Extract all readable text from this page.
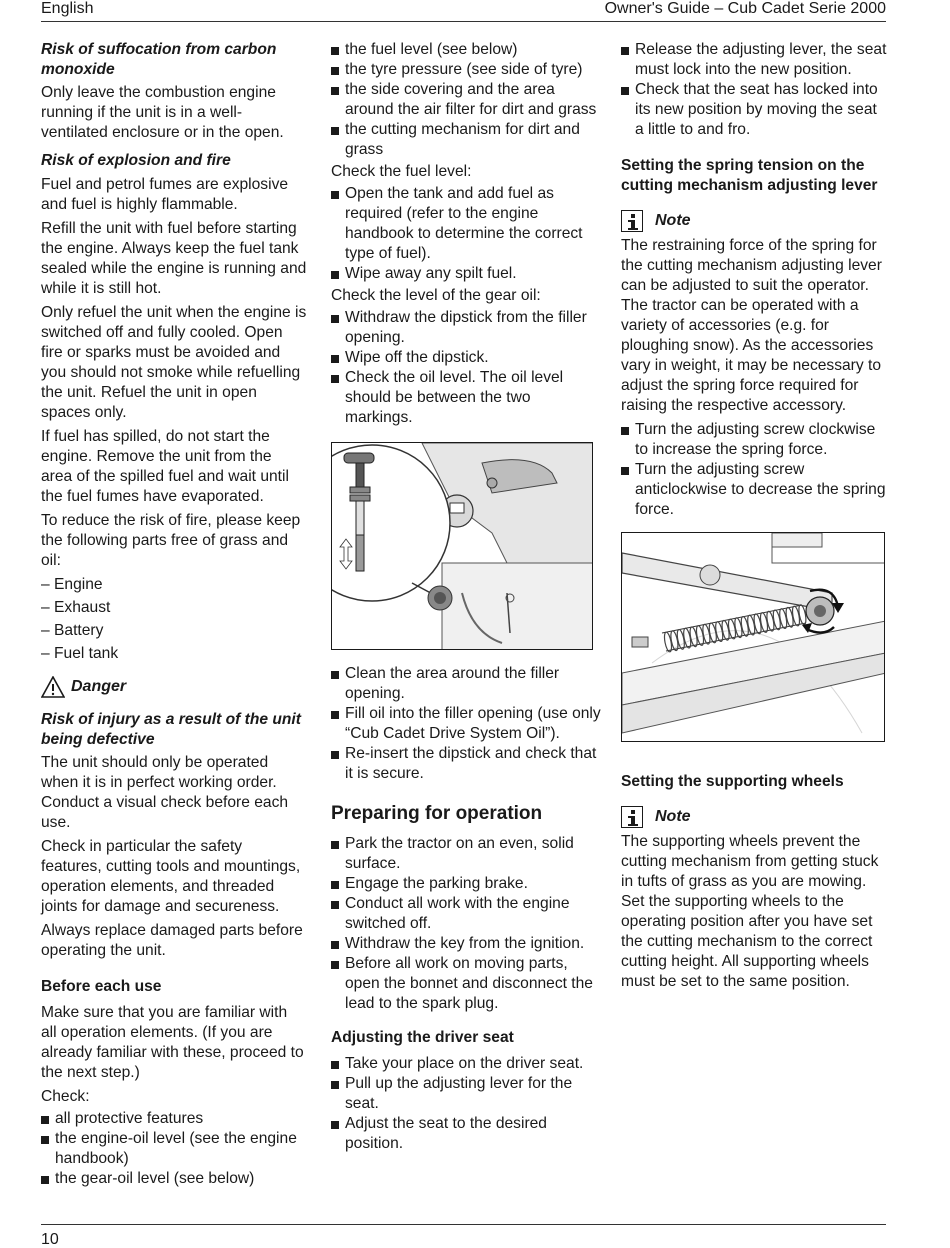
English	Owner's Guide – Cub Cadet Serie 2000

Risk of suffocation from carbon monoxide

Only leave the combustion engine running if the unit is in a well-ventilated enclosure or in the open.

Risk of explosion and fire

Fuel and petrol fumes are explosive and fuel is highly flammable.

Refill the unit with fuel before starting the engine. Always keep the fuel tank sealed while the engine is running and while it is still hot.

Only refuel the unit when the engine is switched off and fully cooled. Open fire or sparks must be avoided and you should not smoke while refuelling the unit. Refuel the unit in open spaces only.

If fuel has spilled, do not start the engine. Remove the unit from the area of the spilled fuel and wait until the fuel fumes have evaporated.

To reduce the risk of fire, please keep the following parts free of grass and oil:

– Engine
– Exhaust
– Battery
– Fuel tank
Danger

Risk of injury as a result of the unit being defective

The unit should only be operated when it is in perfect working order. Conduct a visual check before each use.

Check in particular the safety features, cutting tools and mountings, operation elements, and threaded joints for damage and secureness.

Always replace damaged parts before operating the unit.

Before each use

Make sure that you are familiar with all operation elements. (If you are already familiar with these, proceed to the next step.)

Check:

all protective features
the engine-oil level (see the engine handbook)
the gear-oil level (see below)
the fuel level (see below)
the tyre pressure (see side of tyre)
the side covering and the area around the air filter for dirt and grass
the cutting mechanism for dirt and grass

Check the fuel level:

Open the tank and add fuel as required (refer to the engine handbook to determine the correct type of fuel).
Wipe away any spilt fuel.

Check the level of the gear oil:

Withdraw the dipstick from the filler opening.
Wipe off the dipstick.
Check the oil level. The oil level should be between the two markings.
Clean the area around the filler opening.
Fill oil into the filler opening (use only “Cub Cadet Drive System Oil”).
Re-insert the dipstick and check that it is secure.

Preparing for operation

Park the tractor on an even, solid surface.
Engage the parking brake.
Conduct all work with the engine switched off.
Withdraw the key from the ignition.
Before all work on moving parts, open the bonnet and disconnect the lead to the spark plug.

Adjusting the driver seat

Take your place on the driver seat.
Pull up the adjusting lever for the seat.
Adjust the seat to the desired position.
Release the adjusting lever, the seat must lock into the new position.
Check that the seat has locked into its new position by moving the seat a little to and fro.

Setting the spring tension on the cutting mechanism adjusting lever

Note

The restraining force of the spring for the cutting mechanism adjusting lever can be adjusted to suit the operator. The tractor can be operated with a variety of accessories (e.g. for ploughing snow). As the accessories vary in weight, it may be necessary to adjust the spring force required for raising the respective accessory.

Turn the adjusting screw clockwise to increase the spring force.
Turn the adjusting screw anticlockwise to decrease the spring force.

Setting the supporting wheels

Note

The supporting wheels prevent the cutting mechanism from getting stuck in tufts of grass as you are mowing. Set the supporting wheels to the operating position after you have set the cutting mechanism to the correct cutting height. All supporting wheels must be set to the same position.

10
